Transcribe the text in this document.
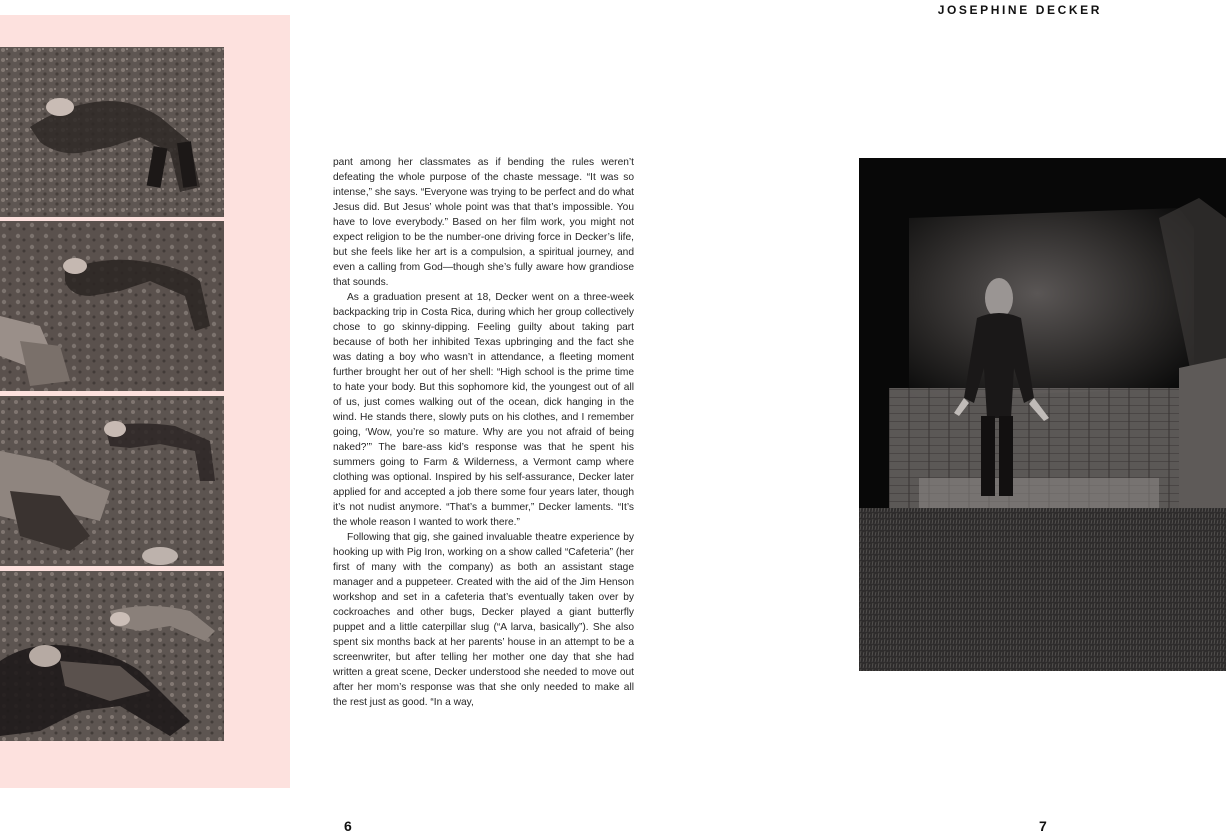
JOSEPHINE DECKER

pant among her classmates as if bending the rules weren’t defeating the whole purpose of the chaste message. “It was so intense,” she says. “Everyone was trying to be perfect and do what Jesus did. But Jesus’ whole point was that that’s impossible. You have to love everybody.” Based on her film work, you might not expect religion to be the number-one driving force in Decker’s life, but she feels like her art is a compulsion, a spiritual journey, and even a calling from God—though she’s fully aware how grandiose that sounds.

As a graduation present at 18, Decker went on a three-week backpacking trip in Costa Rica, during which her group collectively chose to go skinny-dipping. Feeling guilty about taking part because of both her inhibited Texas upbringing and the fact she was dating a boy who wasn’t in attendance, a fleeting moment further brought her out of her shell: “High school is the prime time to hate your body. But this sophomore kid, the youngest out of all of us, just comes walking out of the ocean, dick hanging in the wind. He stands there, slowly puts on his clothes, and I remember going, ‘Wow, you’re so mature. Why are you not afraid of being naked?’” The bare-ass kid’s response was that he spent his summers going to Farm & Wilderness, a Vermont camp where clothing was optional. Inspired by his self-assurance, Decker later applied for and accepted a job there some four years later, though it’s not nudist anymore. “That’s a bummer,” Decker laments. “It’s the whole reason I wanted to work there.”

Following that gig, she gained invaluable theatre experience by hooking up with Pig Iron, working on a show called “Cafeteria” (her first of many with the company) as both an assistant stage manager and a puppeteer. Created with the aid of the Jim Henson workshop and set in a cafeteria that’s eventually taken over by cockroaches and other bugs, Decker played a giant butterfly puppet and a little caterpillar slug (“A larva, basically”). She also spent six months back at her parents’ house in an attempt to be a screenwriter, but after telling her mother one day that she had written a great scene, Decker understood she needed to move out after her mom’s response was that she only needed to make all the rest just as good. “In a way,

6	7
